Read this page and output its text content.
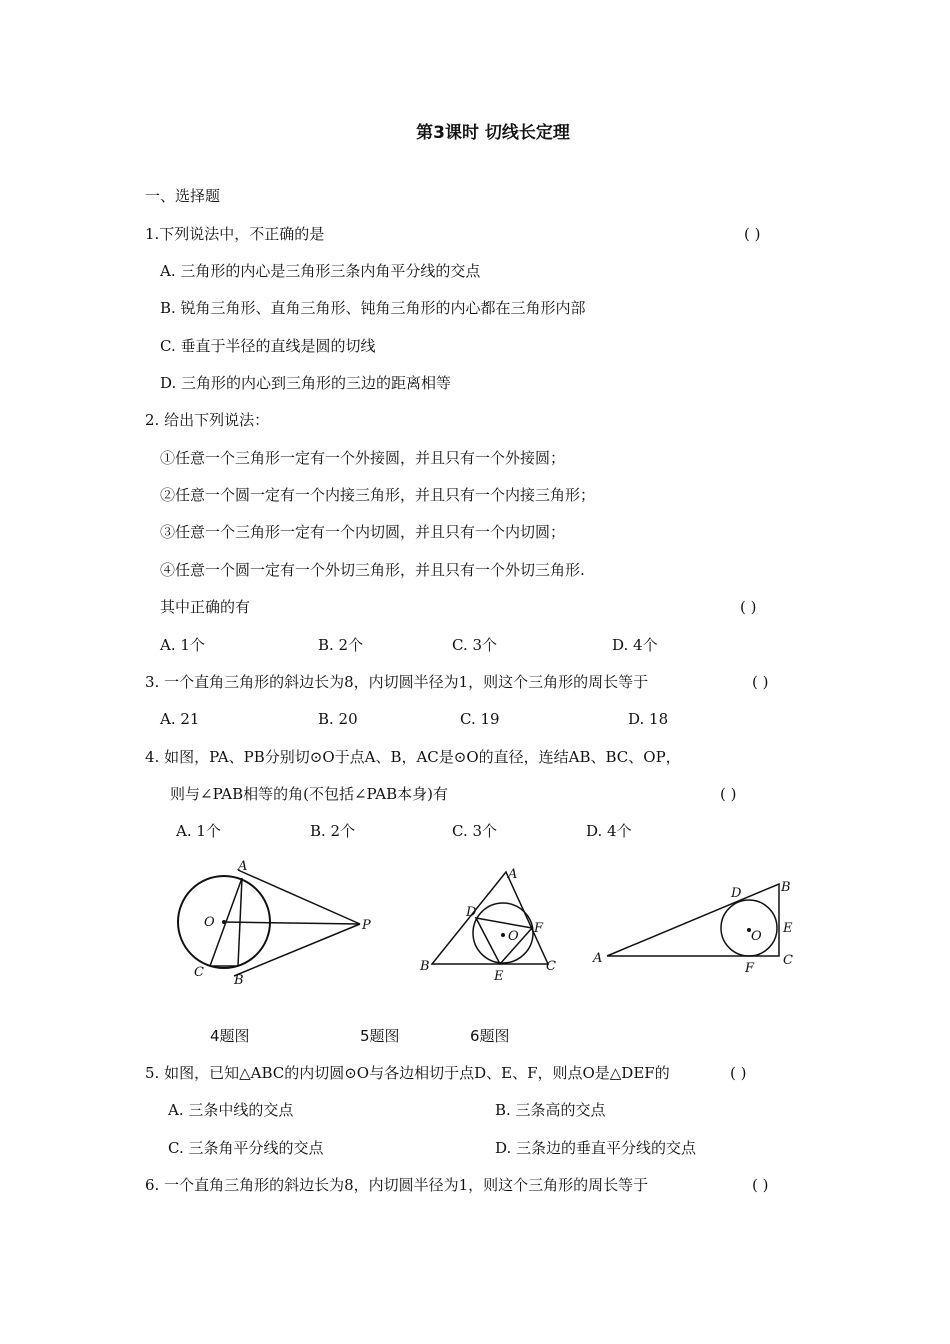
第3课时 切线长定理
一、选择题
1.下列说法中，不正确的是	( )
A. 三角形的内心是三角形三条内角平分线的交点
B. 锐角三角形、直角三角形、钝角三角形的内心都在三角形内部
C. 垂直于半径的直线是圆的切线
D. 三角形的内心到三角形的三边的距离相等
2. 给出下列说法：
①任意一个三角形一定有一个外接圆，并且只有一个外接圆；
②任意一个圆一定有一个内接三角形，并且只有一个内接三角形；
③任意一个三角形一定有一个内切圆，并且只有一个内切圆；
④任意一个圆一定有一个外切三角形，并且只有一个外切三角形.
其中正确的有	( )
A. 1个	B. 2个	C. 3个	D. 4个
3. 一个直角三角形的斜边长为8，内切圆半径为1，则这个三角形的周长等于	( )
A. 21	B. 20	C. 19	D. 18
4. 如图，PA、PB分别切⊙O于点A、B，AC是⊙O的直径，连结AB、BC、OP，
则与∠PAB相等的角(不包括∠PAB本身)有	( )
A. 1个	B. 2个	C. 3个	D. 4个
A
O	P
C
B
A
D
F
O
B
E
C
D	B
O
E
A
F
C
4题图	5题图	6题图
5. 如图，已知△ABC的内切圆⊙O与各边相切于点D、E、F，则点O是△DEF的	( )
A. 三条中线的交点	B. 三条高的交点
C. 三条角平分线的交点	D. 三条边的垂直平分线的交点
6. 一个直角三角形的斜边长为8，内切圆半径为1，则这个三角形的周长等于	( )
